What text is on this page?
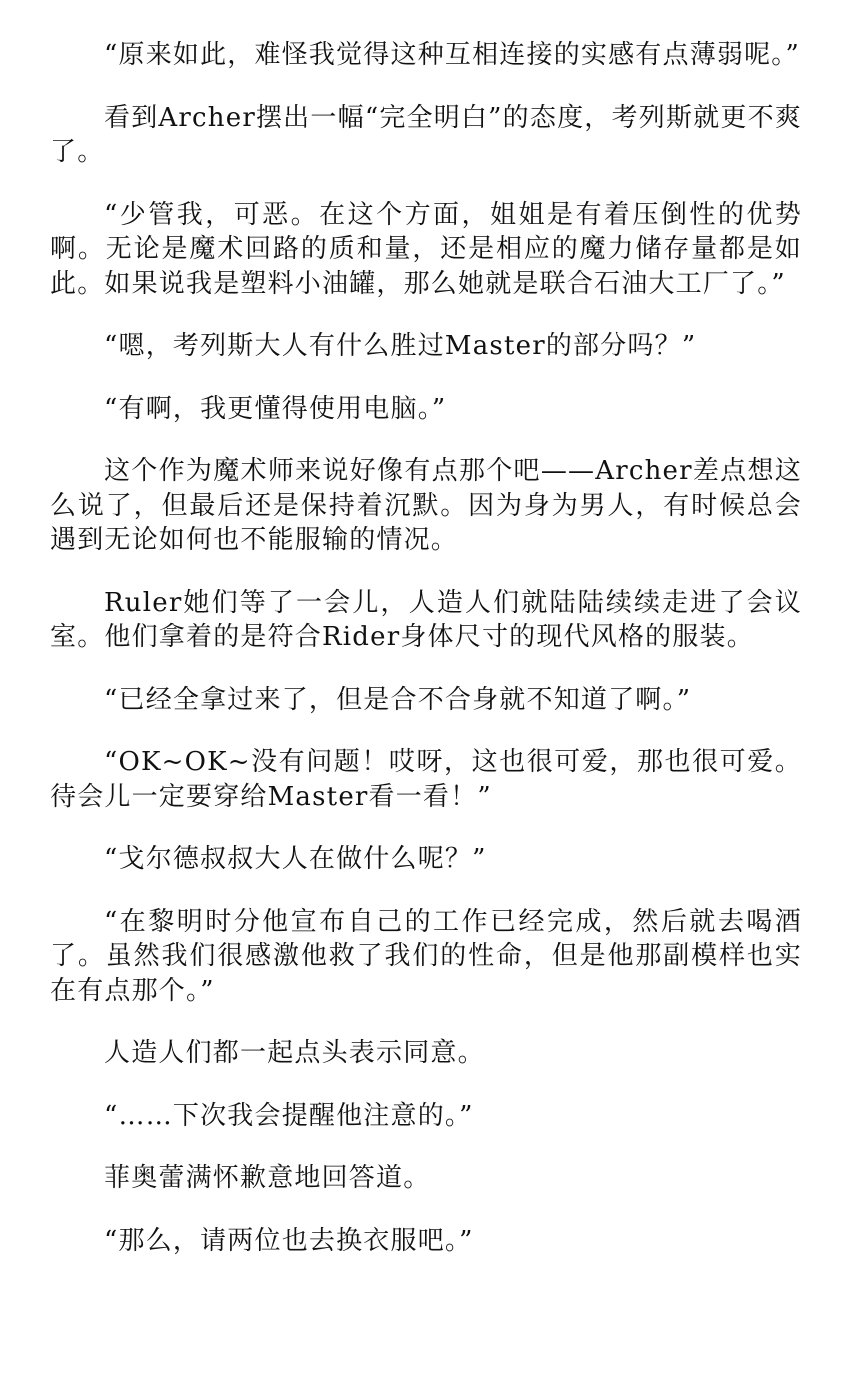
“原来如此，难怪我觉得这种互相连接的实感有点薄弱呢。”

看到Archer摆出一幅“完全明白”的态度，考列斯就更不爽了。

“少管我，可恶。在这个方面，姐姐是有着压倒性的优势啊。无论是魔术回路的质和量，还是相应的魔力储存量都是如此。如果说我是塑料小油罐，那么她就是联合石油大工厂了。”

“嗯，考列斯大人有什么胜过Master的部分吗？”

“有啊，我更懂得使用电脑。”

这个作为魔术师来说好像有点那个吧——Archer差点想这么说了，但最后还是保持着沉默。因为身为男人，有时候总会遇到无论如何也不能服输的情况。

Ruler她们等了一会儿，人造人们就陆陆续续走进了会议室。他们拿着的是符合Rider身体尺寸的现代风格的服装。

“已经全拿过来了，但是合不合身就不知道了啊。”

“OK~OK~没有问题！哎呀，这也很可爱，那也很可爱。待会儿一定要穿给Master看一看！”

“戈尔德叔叔大人在做什么呢？”

“在黎明时分他宣布自己的工作已经完成，然后就去喝酒了。虽然我们很感激他救了我们的性命，但是他那副模样也实在有点那个。”

人造人们都一起点头表示同意。

“……下次我会提醒他注意的。”

菲奥蕾满怀歉意地回答道。

“那么，请两位也去换衣服吧。”
